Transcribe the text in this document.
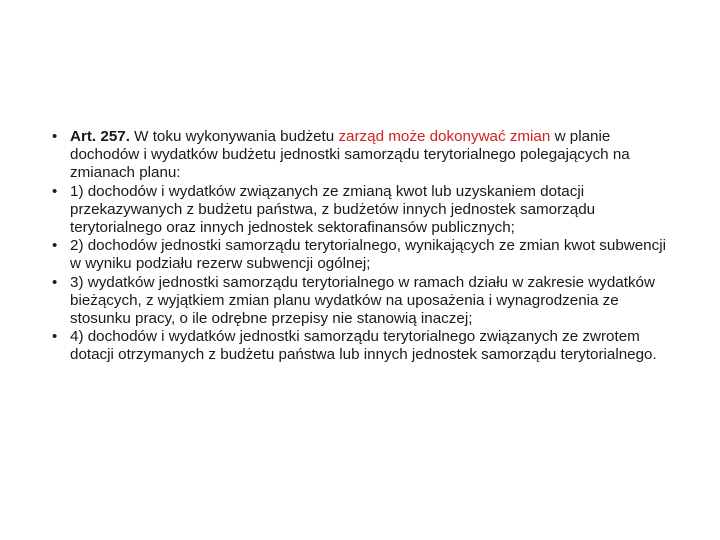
• Art. 257. W toku wykonywania budżetu zarząd może dokonywać zmian w planie dochodów i wydatków budżetu jednostki samorządu terytorialnego polegających na zmianach planu:
• 1) dochodów i wydatków związanych ze zmianą kwot lub uzyskaniem dotacji przekazywanych z budżetu państwa, z budżetów innych jednostek samorządu terytorialnego oraz innych jednostek sektorafinansów publicznych;
• 2) dochodów jednostki samorządu terytorialnego, wynikających ze zmian kwot subwencji w wyniku podziału rezerw subwencji ogólnej;
• 3) wydatków jednostki samorządu terytorialnego w ramach działu w zakresie wydatków bieżących, z wyjątkiem zmian planu wydatków na uposażenia i wynagrodzenia ze stosunku pracy, o ile odrębne przepisy nie stanowią inaczej;
• 4) dochodów i wydatków jednostki samorządu terytorialnego związanych ze zwrotem dotacji otrzymanych z budżetu państwa lub innych jednostek samorządu terytorialnego.
